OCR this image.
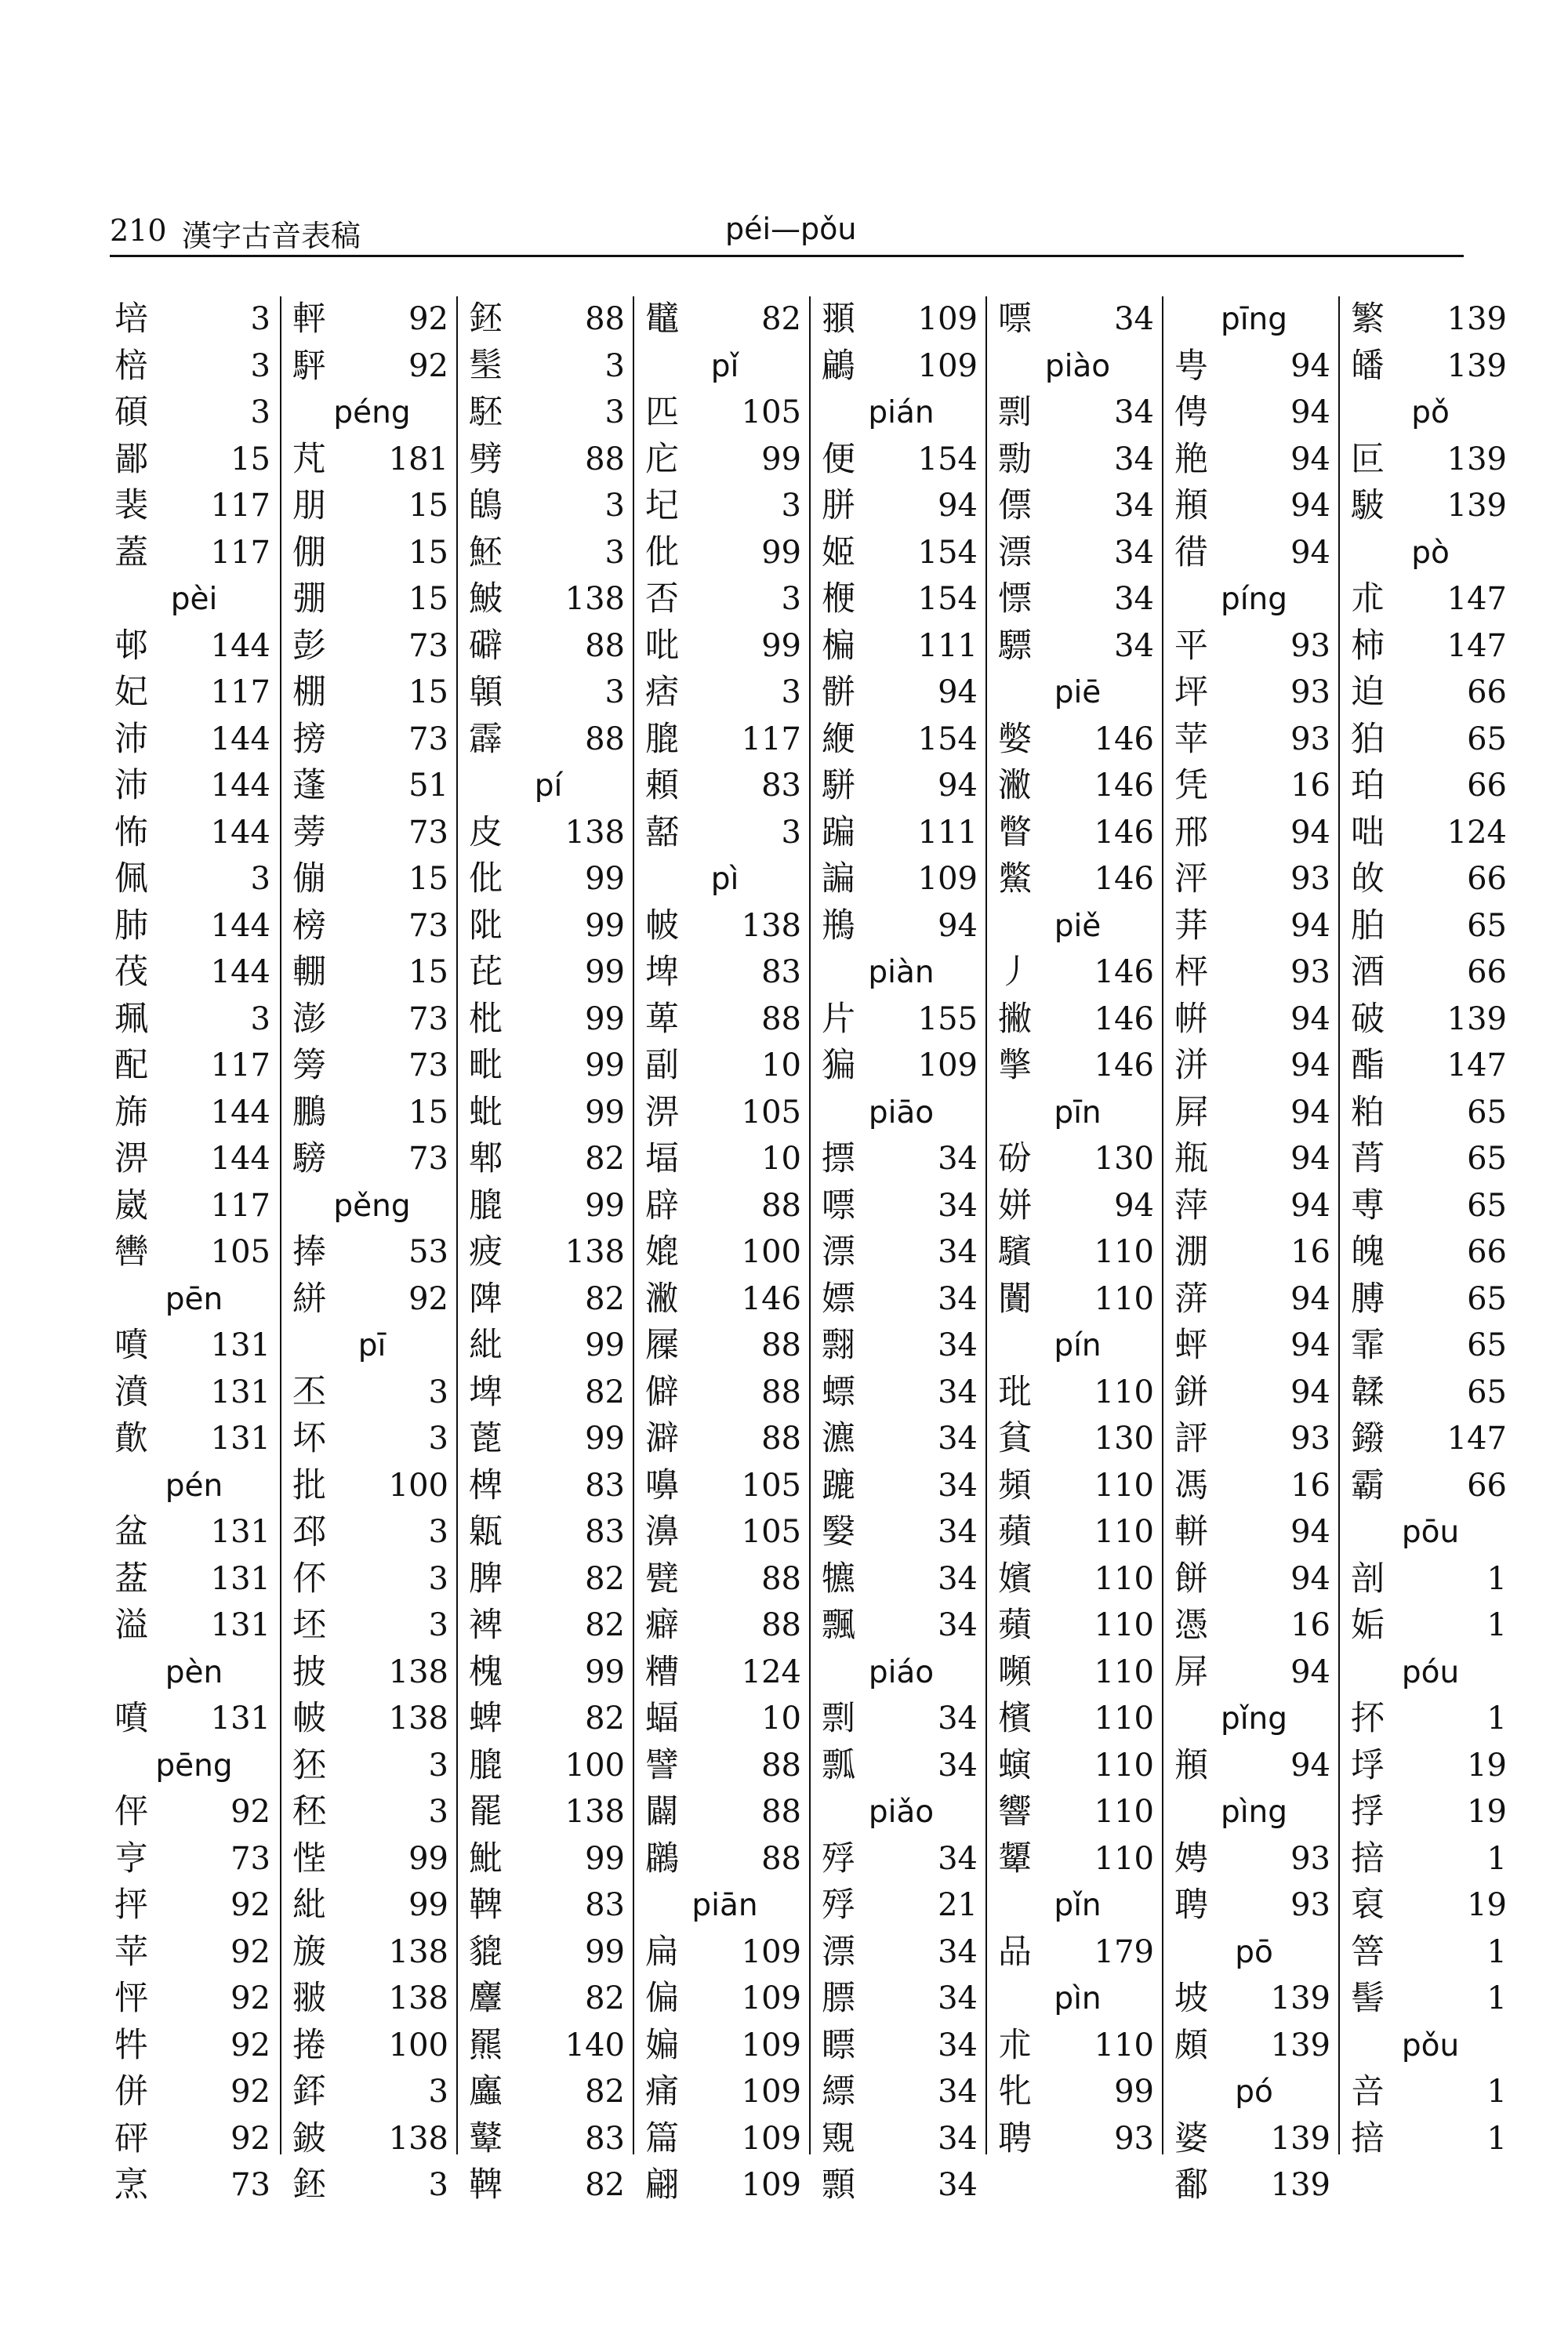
210 漢字古音表稿	péi—pǒu
培	3
棓	3
碩	3
鄙	15
裴	117
蓋	117
pèi
邨	144
妃	117
沛	144
沛	144
怖	144
佩	3
肺	144
茷	144
珮	3
配	117
旆	144
淠	144
崴	117
轡	105
pēn
噴	131
濆	131
歕	131
pén
盆	131
葐	131
溢	131
pèn
噴	131
pēng
伻	92
亨	73
抨	92
苹	92
怦	92
牪	92
併	92
砰	92
烹	73
軯	92
駍	92
péng
芃	181
朋	15
倗	15
弸	15
彭	73
棚	15
搒	73
蓬	51
蒡	73
傰	15
榜	73
輣	15
澎	73
篣	73
鵬	15
騯	73
pěng
捧	53
絣	92
pī
丕	3
坏	3
批	100
邳	3
伓	3
坯	3
披	138
帔	138
狉	3
秠	3
悂	99
紕	99
旇	138
翍	138
捲	100
銔	3
鈹	138
鉟	3
鉟	88
髬	3
駓	3
劈	88
鴭	3
魾	3
鮍	138
礔	88
顊	3
霹	88
pí
皮	138
仳	99
阰	99
芘	99
枇	99
毗	99
蚍	99
郫	82
膍	99
疲	138
陴	82
紕	99
埤	82
蓖	99
椑	83
甈	83
脾	82
裨	82
槐	99
蜱	82
膍	100
罷	138
魮	99
鞞	83
貔	99
麞	82
羆	140
蠯	82
鼙	83
鞞	82
鼊	82
pǐ
匹	105
庀	99
圮	3
仳	99
否	3
吡	99
痞	3
膍	117
頼	83
嚭	3
pì
帔	138
埤	83
萆	88
副	10
淠	105
堛	10
辟	88
媲	100
潎	146
屧	88
僻	88
澼	88
嚊	105
濞	105
甓	88
癖	88
糟	124
蝠	10
譬	88
闢	88
鸊	88
piān
扁	109
偏	109
媥	109
痛	109
篇	109
翩	109
頨	109
鶣	109
pián
便	154
胼	94
姬	154
楩	154
楄	111
骿	94
緶	154
駢	94
蹁	111
諞	109
鵧	94
piàn
片	155
猵	109
piāo
摽	34
嘌	34
漂	34
嫖	34
翲	34
螵	34
瀌	34
蹗	34
嫛	34
犥	34
飄	34
piáo
剽	34
瓢	34
piǎo
殍	34
殍	21
漂	34
膘	34
瞟	34
縹	34
覭	34
顠	34
嘌	34
piào
剽	34
勡	34
僄	34
漂	34
慓	34
驃	34
piē
嫳	146
潎	146
瞥	146
鱉	146
piě
丿	146
撇	146
撆	146
pīn
砏	130
姘	94
驞	110
闠	110
pín
玭	110
貧	130
頻	110
蘋	110
嬪	110
蘋	110
嚬	110
檳	110
螾	110
響	110
顰	110
pǐn
品	179
pìn
朮	110
牝	99
聘	93
pīng
甹	94
俜	94
艵	94
頩	94
徣	94
píng
平	93
坪	93
苹	93
凭	16
邢	94
泙	93
荓	94
枰	93
帲	94
洴	94
屛	94
瓶	94
萍	94
淜	16
蓱	94
蚲	94
鉼	94
評	93
馮	16
軿	94
餅	94
憑	16
屏	94
pǐng
頩	94
pìng
娉	93
聘	93
pō
坡	139
頗	139
pó
婆	139
鄱	139
繁	139
皤	139
pǒ
叵	139
駊	139
pò
朮	147
柿	147
迫	66
狛	65
珀	66
咄	124
敀	66
胉	65
酒	66
破	139
酯	147
粕	65
莦	65
尃	65
魄	66
膊	65
霏	65
韖	65
鏺	147
霸	66
pōu
剖	1
姤	1
póu
抔	1
垺	19
捊	19
掊	1
裒	19
箁	1
髻	1
pǒu
咅	1
掊	1
